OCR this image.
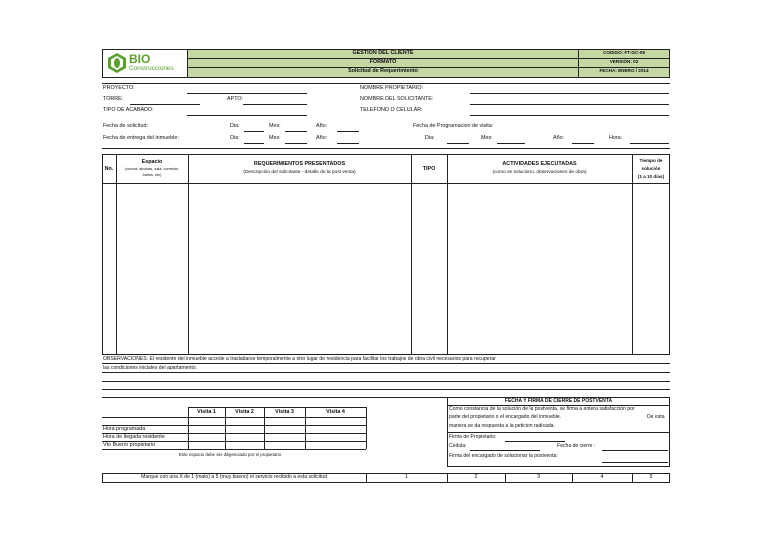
BIO
Construcciones
GESTIÓN DEL CLIENTE
FORMATO
Solicitud de Requerimiento
CODIGO: FT-GC-08
VERSIÓN: 02
FECHA: ENERO / 2014
PROYECTO:
TORRE:	APTO:
TIPO DE ACABADO:
NOMBRE PROPIETARIO:
NOMBRE DEL SOLICITANTE:
TELEFONO O CELULAR:
Fecha de solicitud:	Dia:	Mes:	Año:
Fecha de entrega del inmueble:	Dia:	Mes:	Año:
Fecha de Programacion de visita:
Dia:	Mes:	Año:	Hora:
No.
Espacio
(cocina, alcobas, sala, comedor,
baños, etc)
REQUERIMIENTOS PRESENTADOS
(Descripción del solicitante - detalle de la post venta)
TIPO
ACTIVIDADES EJECUTADAS
(como se soluciono, observaciones de obra)
Tiempo de
solución
(1 a 10 días)
OBSERVACIONES: El residente del inmueble accede a trasladarse temporalmente a otro lugar de residencia para facilitar los trabajos de obra civil necesarios para recuperar
las condiciones iniciales del apartamento.
Visita 1	Visita 2	Visita 3	Visita 4
Hora programada
Hora de llegada residente
Vto Bueno propietario
Este espacio debe ser diligenciado por el propietario
FECHA Y FIRMA DE CIERRE DE POSTVENTA
Como constancia de la solución de la postventa, se firma a entera satisfacción por
parte del propietario o el encargado del inmueble.	De esta
manera se da respuesta a la peticion radicada.
Firma de Propietario:
Cedula:	Fecha de cierre :
Firma del encargado de solucionar la postventa:
Marque con una X de 1 (malo) a 5 (muy bueno) el servicio recibido a esta solicitud	1	2	3	4	5
